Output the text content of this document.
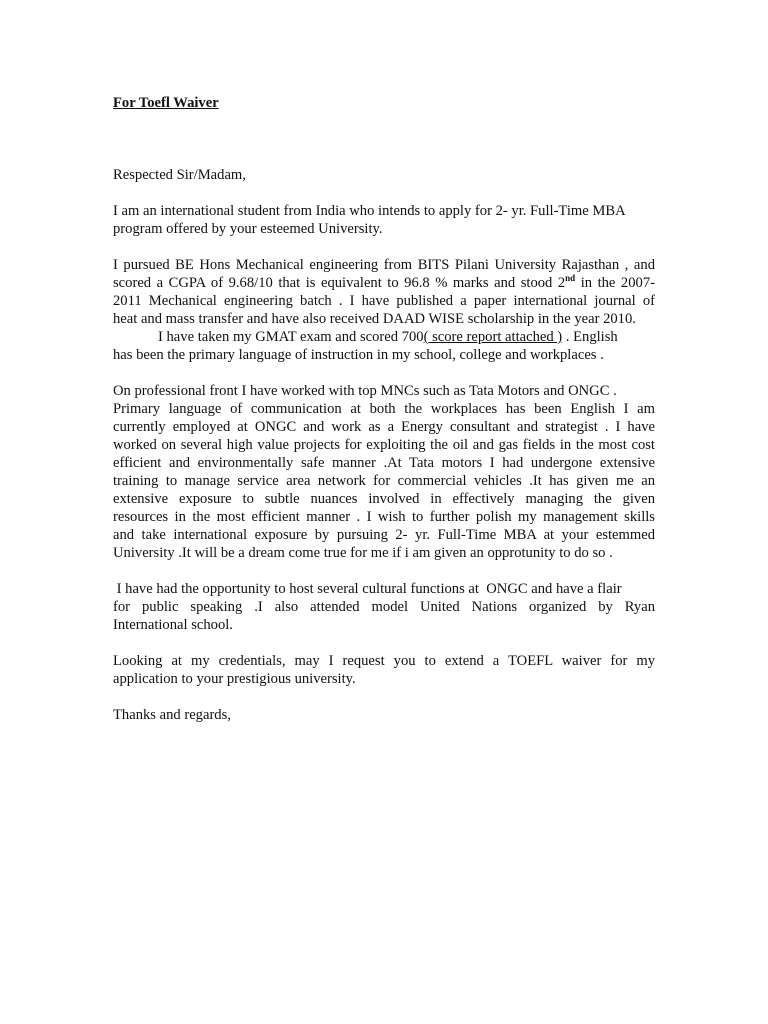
For Toefl Waiver

Respected Sir/Madam,

I am an international student from India who intends to apply for 2- yr. Full-Time MBA
program offered by your esteemed University.

I pursued BE Hons Mechanical engineering from BITS Pilani University Rajasthan , and
scored a CGPA of 9.68/10 that is equivalent to 96.8 % marks and stood 2nd in the 2007-
2011 Mechanical engineering batch . I have published a paper international journal of
heat and mass transfer and have also received DAAD WISE scholarship in the year 2010.
I have taken my GMAT exam and scored 700( score report attached ) . English
has been the primary language of instruction in my school, college and workplaces .

On professional front I have worked with top MNCs such as Tata Motors and ONGC .
Primary language of communication at both the workplaces has been English I am
currently employed at ONGC and work as a Energy consultant and strategist . I have
worked on several high value projects for exploiting the oil and gas fields in the most cost
efficient and environmentally safe manner .At Tata motors I had undergone extensive
training to manage service area network for commercial vehicles .It has given me an
extensive exposure to subtle nuances involved in effectively managing the given
resources in the most efficient manner . I wish to further polish my management skills
and take international exposure by pursuing 2- yr. Full-Time MBA at your estemmed
University .It will be a dream come true for me if i am given an opprotunity to do so .

I have had the opportunity to host several cultural functions at  ONGC and have a flair
for public speaking .I also attended model United Nations organized by Ryan
International school.

Looking at my credentials, may I request you to extend a TOEFL waiver for my
application to your prestigious university.

Thanks and regards,
